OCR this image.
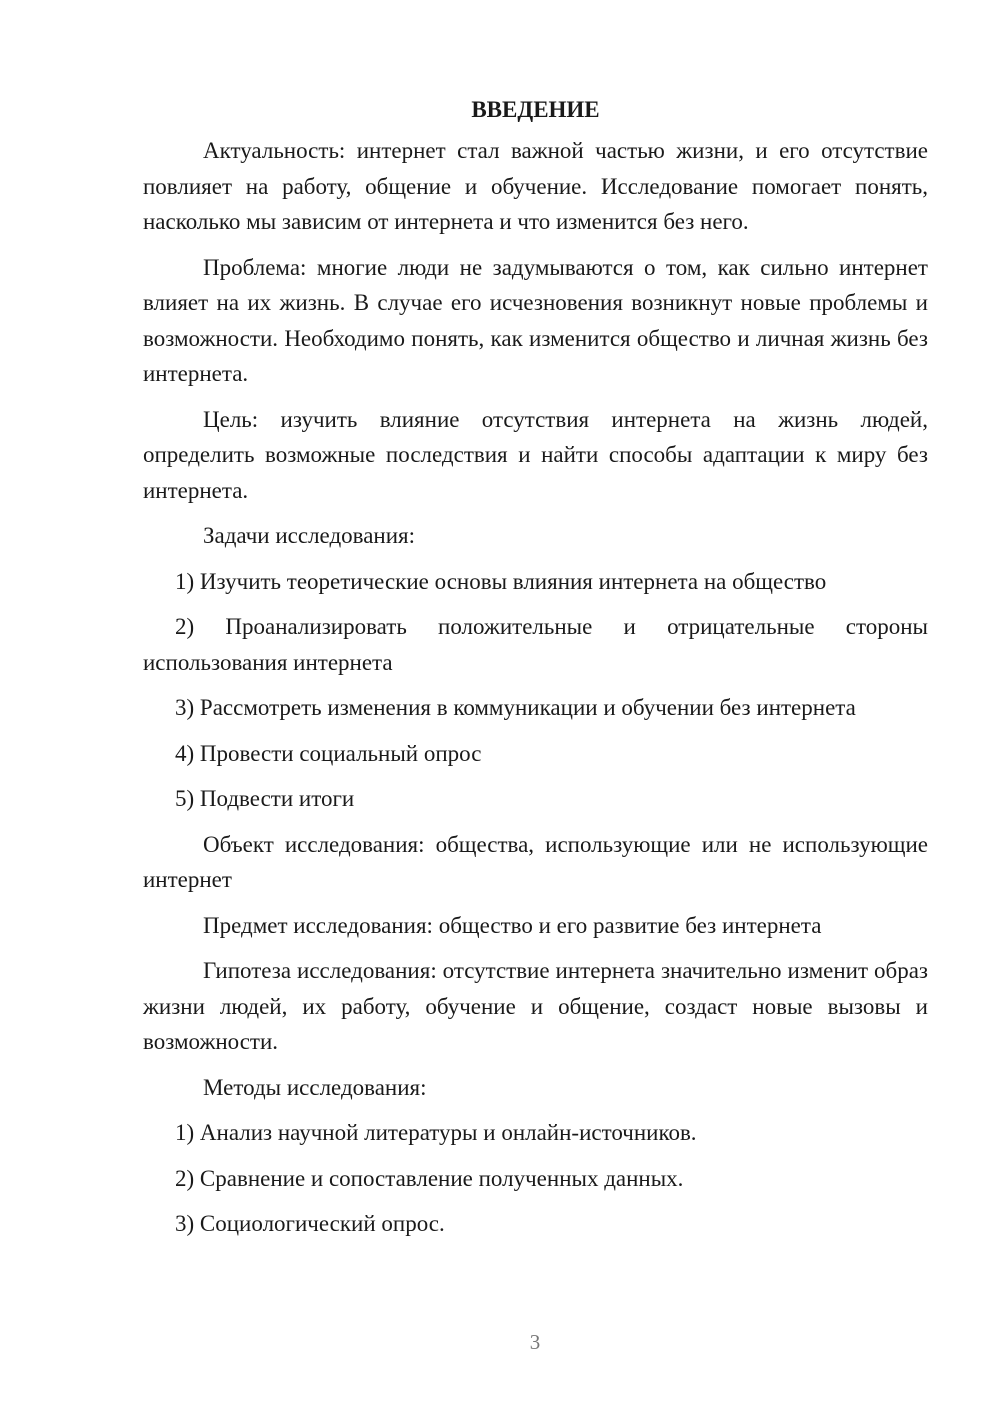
ВВЕДЕНИЕ

Актуальность: интернет стал важной частью жизни, и его отсутствие повлияет на работу, общение и обучение. Исследование помогает понять, насколько мы зависим от интернета и что изменится без него.

Проблема: многие люди не задумываются о том, как сильно интернет влияет на их жизнь. В случае его исчезновения возникнут новые проблемы и возможности. Необходимо понять, как изменится общество и личная жизнь без интернета.

Цель: изучить влияние отсутствия интернета на жизнь людей, определить возможные последствия и найти способы адаптации к миру без интернета.

Задачи исследования:

1) Изучить теоретические основы влияния интернета на общество

2) Проанализировать положительные и отрицательные стороны использования интернета

3) Рассмотреть изменения в коммуникации и обучении без интернета

4) Провести социальный опрос

5) Подвести итоги

Объект исследования: общества, использующие или не использующие интернет

Предмет исследования: общество и его развитие без интернета

Гипотеза исследования: отсутствие интернета значительно изменит образ жизни людей, их работу, обучение и общение, создаст новые вызовы и возможности.

Методы исследования:

1) Анализ научной литературы и онлайн-источников.

2) Сравнение и сопоставление полученных данных.

3) Социологический опрос.

3
